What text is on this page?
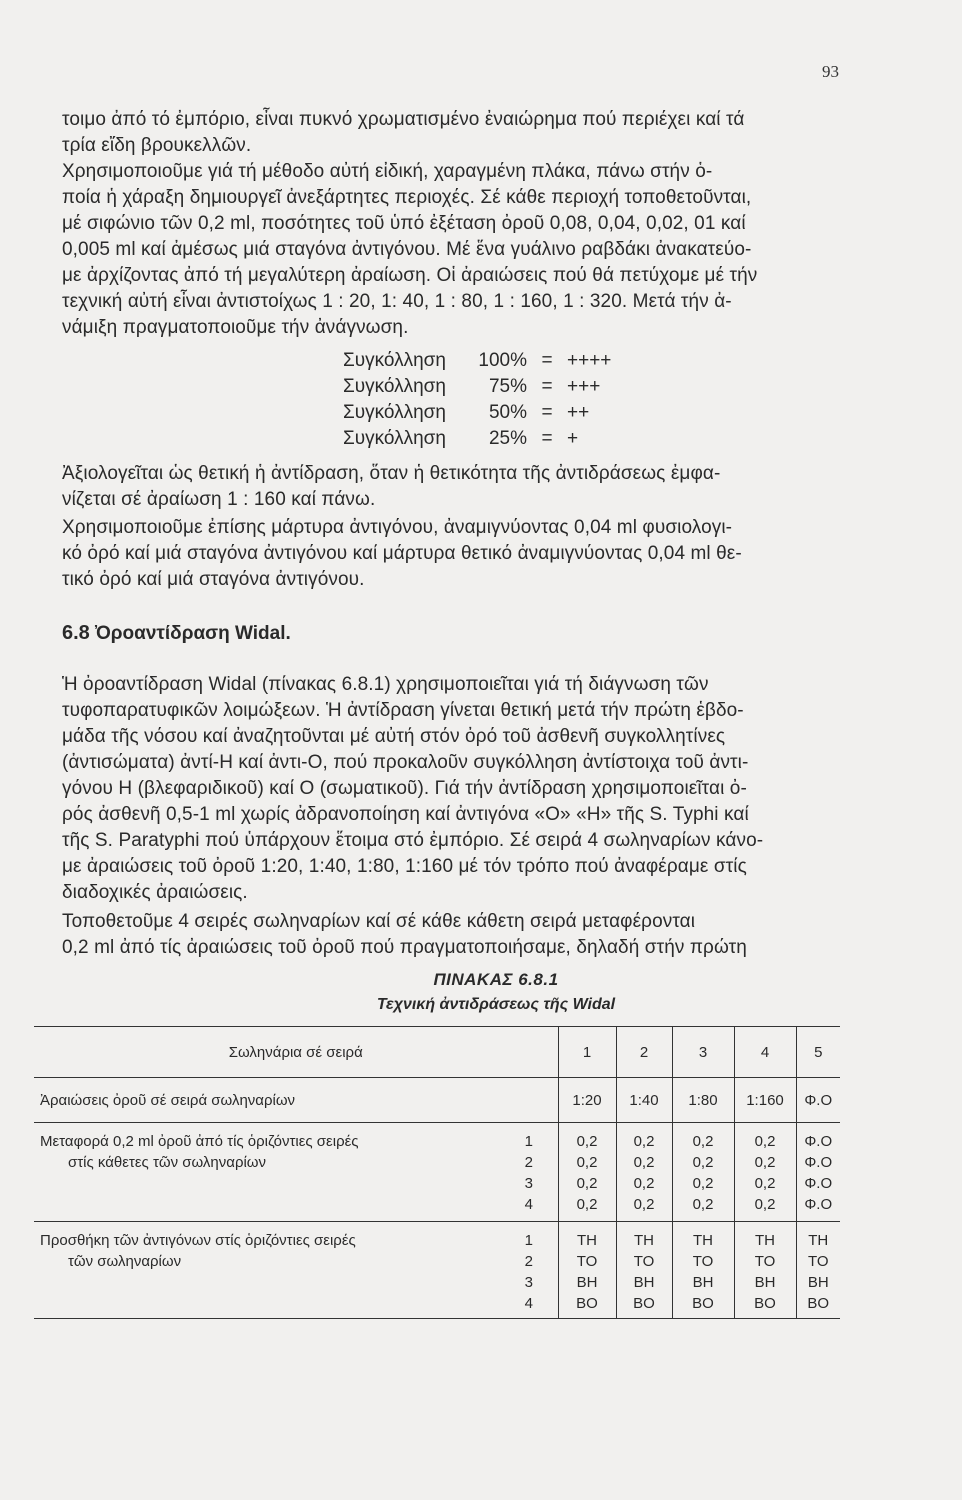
93
τοιμο ἀπό τό ἐμπόριο, εἶναι πυκνό χρωματισμένο ἐναιώρημα πού περιέχει καί τά
τρία εἴδη βρουκελλῶν.
Χρησιμοποιοῦμε γιά τή μέθοδο αὐτή εἰδική, χαραγμένη πλάκα, πάνω στήν ὁ-
ποία ἡ χάραξη δημιουργεῖ ἀνεξάρτητες περιοχές. Σέ κάθε περιοχή τοποθετοῦνται,
μέ σιφώνιο τῶν 0,2 ml, ποσότητες τοῦ ὑπό ἐξέταση ὀροῦ 0,08, 0,04, 0,02, 01 καί
0,005 ml καί ἀμέσως μιά σταγόνα ἀντιγόνου. Μέ ἕνα γυάλινο ραβδάκι ἀνακατεύο-
με ἀρχίζοντας ἀπό τή μεγαλύτερη ἀραίωση. Οἱ ἀραιώσεις πού θά πετύχομε μέ τήν
τεχνική αὐτή εἶναι ἀντιστοίχως 1 : 20, 1: 40, 1 : 80, 1 : 160, 1 : 320. Μετά τήν ἀ-
νάμιξη πραγματοποιοῦμε τήν ἀνάγνωση.
Συγκόλληση 100% = ++++
Συγκόλληση 75% = +++
Συγκόλληση 50% = ++
Συγκόλληση 25% = +
Ἀξιολογεῖται ὡς θετική ἡ ἀντίδραση, ὅταν ἡ θετικότητα τῆς ἀντιδράσεως ἐμφα-
νίζεται σέ ἀραίωση 1 : 160 καί πάνω.
Χρησιμοποιοῦμε ἐπίσης μάρτυρα ἀντιγόνου, ἀναμιγνύοντας 0,04 ml φυσιολογι-
κό ὀρό καί μιά σταγόνα ἀντιγόνου καί μάρτυρα θετικό ἀναμιγνύοντας 0,04 ml θε-
τικό ὀρό καί μιά σταγόνα ἀντιγόνου.
6.8 Ὀροαντίδραση Widal.
Ἡ ὀροαντίδραση Widal (πίνακας 6.8.1) χρησιμοποιεῖται γιά τή διάγνωση τῶν
τυφοπαρατυφικῶν λοιμώξεων. Ἡ ἀντίδραση γίνεται θετική μετά τήν πρώτη ἑβδο-
μάδα τῆς νόσου καί ἀναζητοῦνται μέ αὐτή στόν ὀρό τοῦ ἀσθενῆ συγκολλητίνες
(ἀντισώματα) ἀντί-Η καί ἀντι-Ο, πού προκαλοῦν συγκόλληση ἀντίστοιχα τοῦ ἀντι-
γόνου Η (βλεφαριδικοῦ) καί Ο (σωματικοῦ). Γιά τήν ἀντίδραση χρησιμοποιεῖται ὀ-
ρός ἀσθενῆ 0,5-1 ml χωρίς ἀδρανοποίηση καί ἀντιγόνα «Ο» «Η» τῆς S. Typhi καί
τῆς S. Paratyphi πού ὑπάρχουν ἕτοιμα στό ἐμπόριο. Σέ σειρά 4 σωληναρίων κάνο-
με ἀραιώσεις τοῦ ὀροῦ 1:20, 1:40, 1:80, 1:160 μέ τόν τρόπο πού ἀναφέραμε στίς
διαδοχικές ἀραιώσεις.
Τοποθετοῦμε 4 σειρές σωληναρίων καί σέ κάθε κάθετη σειρά μεταφέρονται
0,2 ml ἀπό τίς ἀραιώσεις τοῦ ὀροῦ πού πραγματοποιήσαμε, δηλαδή στήν πρώτη
ΠΙΝΑΚΑΣ 6.8.1
Τεχνική ἀντιδράσεως τῆς Widal
Σωληνάρια σέ σειρά		1	2	3	4	5
Ἀραιώσεις ὀροῦ σέ σειρά σωληναρίων		1:20	1:40	1:80	1:160	Φ.Ο
Μεταφορά 0,2 ml ὀροῦ ἀπό τίς ὁριζόντιες σειρές	1	0,2	0,2	0,2	0,2	Φ.Ο
στίς κάθετες τῶν σωληναρίων	2	0,2	0,2	0,2	0,2	Φ.Ο
	3	0,2	0,2	0,2	0,2	Φ.Ο
	4	0,2	0,2	0,2	0,2	Φ.Ο
Προσθήκη τῶν ἀντιγόνων στίς ὁριζόντιες σειρές	1	ΤΗ	ΤΗ	ΤΗ	ΤΗ	ΤΗ
τῶν σωληναρίων	2	ΤΟ	ΤΟ	ΤΟ	ΤΟ	ΤΟ
	3	ΒΗ	ΒΗ	ΒΗ	ΒΗ	ΒΗ
	4	ΒΟ	ΒΟ	ΒΟ	ΒΟ	ΒΟ
